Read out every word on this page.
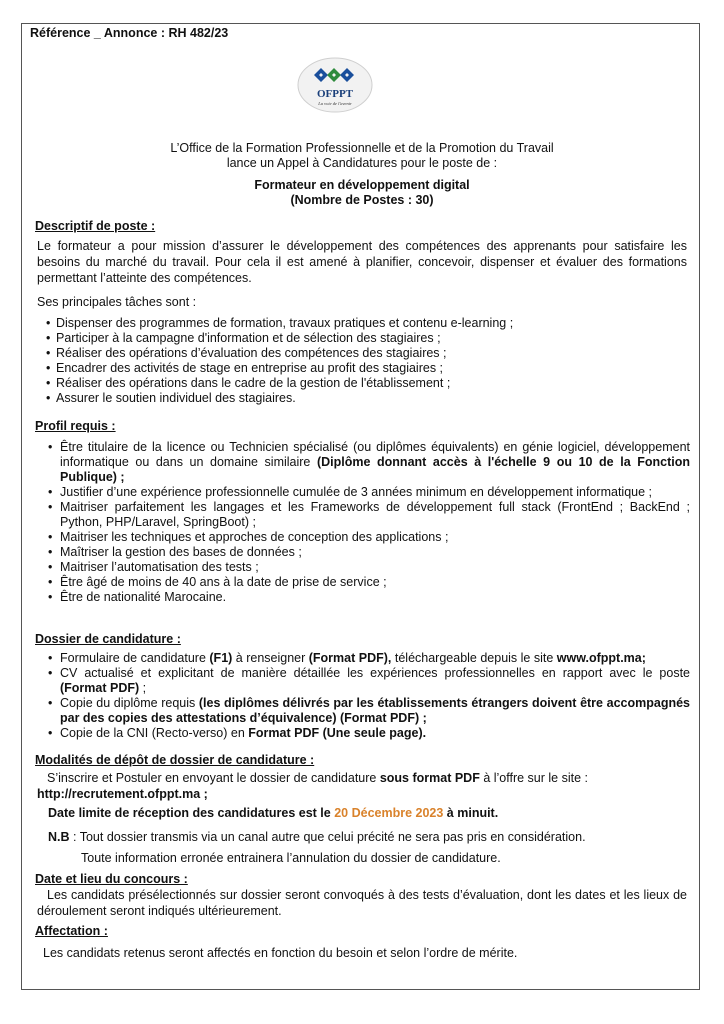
Référence _ Annonce : RH 482/23
OFPPT
La voie de l'avenir
L’Office de la Formation Professionnelle et de la Promotion du Travail
lance un Appel à Candidatures pour le poste de :
Formateur en développement digital
(Nombre de Postes : 30)
Descriptif de poste :
Le formateur a pour mission d’assurer le développement des compétences des apprenants pour satisfaire les besoins du marché du travail. Pour cela il est amené à planifier, concevoir, dispenser et évaluer des formations permettant l’atteinte des compétences.
Ses principales tâches sont :
• Dispenser des programmes de formation, travaux pratiques et contenu e-learning ;
• Participer à la campagne d'information et de sélection des stagiaires ;
• Réaliser des opérations d’évaluation des compétences des stagiaires ;
• Encadrer des activités de stage en entreprise au profit des stagiaires ;
• Réaliser des opérations dans le cadre de la gestion de l'établissement ;
• Assurer le soutien individuel des stagiaires.
Profil requis :
• Être titulaire de la licence ou Technicien spécialisé (ou diplômes équivalents) en génie logiciel, développement informatique ou dans un domaine similaire (Diplôme donnant accès à l'échelle 9 ou 10 de la Fonction Publique) ;
• Justifier d’une expérience professionnelle cumulée de 3 années minimum en développement informatique ;
• Maitriser parfaitement les langages et les Frameworks de développement full stack (FrontEnd ; BackEnd ; Python, PHP/Laravel, SpringBoot) ;
• Maitriser les techniques et approches de conception des applications ;
• Maîtriser la gestion des bases de données ;
• Maitriser l’automatisation des tests ;
• Être âgé de moins de 40 ans à la date de prise de service ;
• Être de nationalité Marocaine.
Dossier de candidature :
• Formulaire de candidature (F1) à renseigner (Format PDF), téléchargeable depuis le site www.ofppt.ma;
• CV actualisé et explicitant de manière détaillée les expériences professionnelles en rapport avec le poste (Format PDF) ;
• Copie du diplôme requis (les diplômes délivrés par les établissements étrangers doivent être accompagnés par des copies des attestations d’équivalence) (Format PDF) ;
• Copie de la CNI (Recto-verso) en Format PDF (Une seule page).
Modalités de dépôt de dossier de candidature :
S’inscrire et Postuler en envoyant le dossier de candidature sous format PDF à l’offre sur le site :
http://recrutement.ofppt.ma ;
Date limite de réception des candidatures est le 20 Décembre 2023 à minuit.
N.B : Tout dossier transmis via un canal autre que celui précité ne sera pas pris en considération.
Toute information erronée entrainera l’annulation du dossier de candidature.
Date et lieu du concours :
Les candidats présélectionnés sur dossier seront convoqués à des tests d’évaluation, dont les dates et les lieux de déroulement seront indiqués ultérieurement.
Affectation :
Les candidats retenus seront affectés en fonction du besoin et selon l’ordre de mérite.
